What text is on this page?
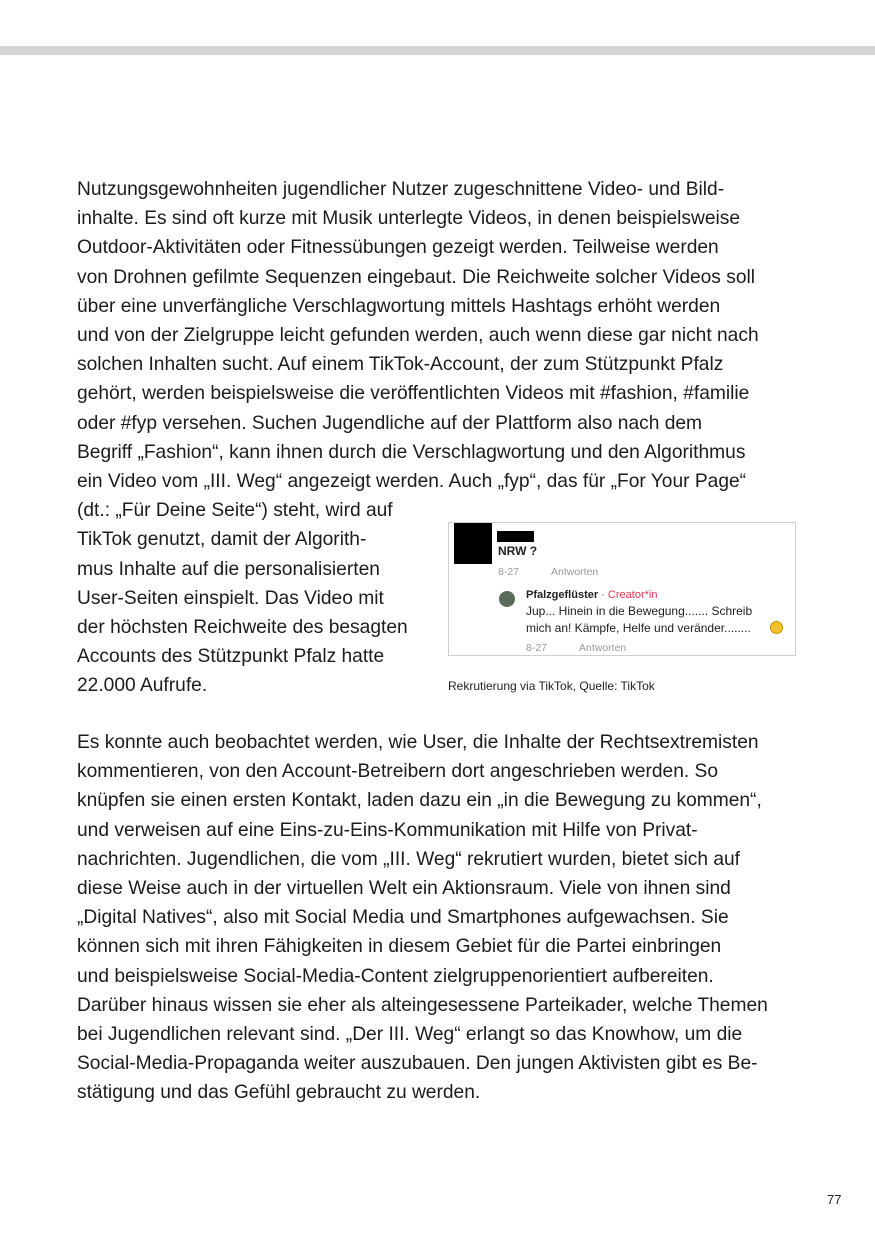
Nutzungsgewohnheiten jugendlicher Nutzer zugeschnittene Video- und Bild-
inhalte. Es sind oft kurze mit Musik unterlegte Videos, in denen beispielsweise
Outdoor-Aktivitäten oder Fitnessübungen gezeigt werden. Teilweise werden
von Drohnen gefilmte Sequenzen eingebaut. Die Reichweite solcher Videos soll
über eine unverfängliche Verschlagwortung mittels Hashtags erhöht werden
und von der Zielgruppe leicht gefunden werden, auch wenn diese gar nicht nach
solchen Inhalten sucht. Auf einem TikTok-Account, der zum Stützpunkt Pfalz
gehört, werden beispielsweise die veröffentlichten Videos mit #fashion, #familie
oder #fyp versehen. Suchen Jugendliche auf der Plattform also nach dem
Begriff „Fashion“, kann ihnen durch die Verschlagwortung und den Algorithmus
ein Video vom „III. Weg“ angezeigt werden. Auch „fyp“, das für „For Your Page“
(dt.: „Für Deine Seite“) steht, wird auf
TikTok genutzt, damit der Algorith-
mus Inhalte auf die personalisierten
User-Seiten einspielt. Das Video mit
der höchsten Reichweite des besagten
Accounts des Stützpunkt Pfalz hatte
22.000 Aufrufe.

NRW ?
8-27	Antworten
Pfalzgeflüster · Creator*in
Jup... Hinein in die Bewegung....... Schreib
mich an! Kämpfe, Helfe und veränder........
8-27	Antworten
Rekrutierung via TikTok, Quelle: TikTok

Es konnte auch beobachtet werden, wie User, die Inhalte der Rechtsextremisten
kommentieren, von den Account-Betreibern dort angeschrieben werden. So
knüpfen sie einen ersten Kontakt, laden dazu ein „in die Bewegung zu kommen“,
und verweisen auf eine Eins-zu-Eins-Kommunikation mit Hilfe von Privat-
nachrichten. Jugendlichen, die vom „III. Weg“ rekrutiert wurden, bietet sich auf
diese Weise auch in der virtuellen Welt ein Aktionsraum. Viele von ihnen sind
„Digital Natives“, also mit Social Media und Smartphones aufgewachsen. Sie
können sich mit ihren Fähigkeiten in diesem Gebiet für die Partei einbringen
und beispielsweise Social-Media-Content zielgruppenorientiert aufbereiten.
Darüber hinaus wissen sie eher als alteingesessene Parteikader, welche Themen
bei Jugendlichen relevant sind. „Der III. Weg“ erlangt so das Knowhow, um die
Social-Media-Propaganda weiter auszubauen. Den jungen Aktivisten gibt es Be-
stätigung und das Gefühl gebraucht zu werden.

77
